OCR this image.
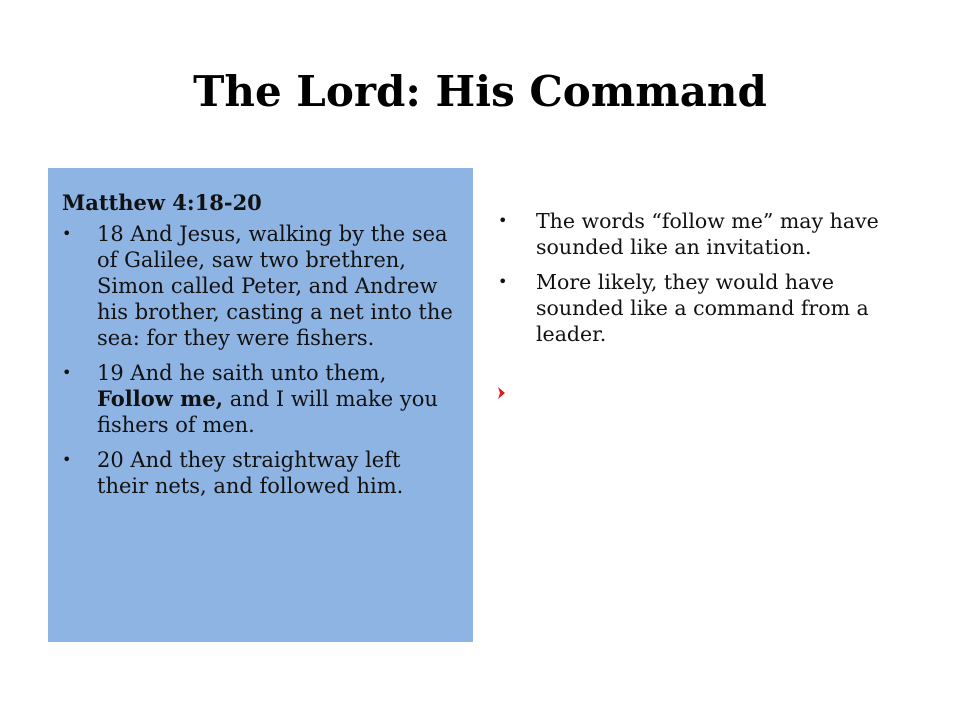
The Lord: His Command
Matthew 4:18-20
•	18 And Jesus, walking by the sea of Galilee, saw two brethren, Simon called Peter, and Andrew his brother, casting a net into the sea: for they were fishers.
•	19 And he saith unto them, Follow me, and I will make you fishers of men.
•	20 And they straightway left their nets, and followed him.
•	The words “follow me” may have sounded like an invitation.
•	More likely, they would have sounded like a command from a leader.
